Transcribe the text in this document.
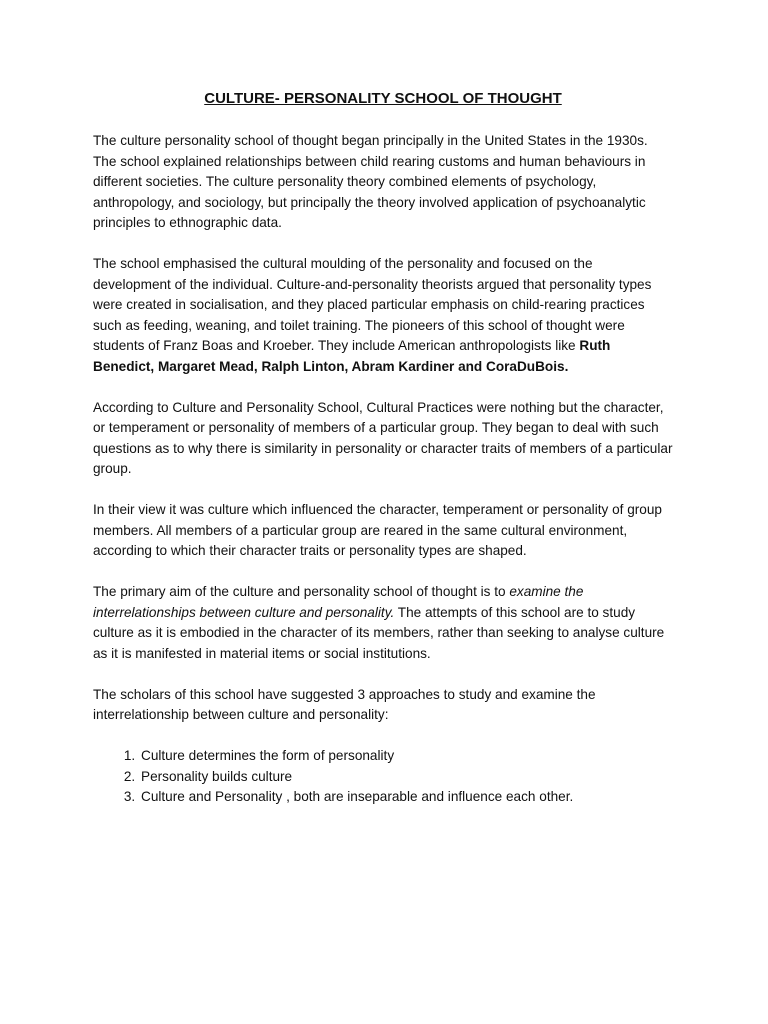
CULTURE- PERSONALITY SCHOOL OF THOUGHT

The culture personality school of thought began principally in the United States in the 1930s. The school explained relationships between child rearing customs and human behaviours in different societies. The culture personality theory combined elements of psychology, anthropology, and sociology, but principally the theory involved application of psychoanalytic principles to ethnographic data.

The school emphasised the cultural moulding of the personality and focused on the development of the individual. Culture-and-personality theorists argued that personality types were created in socialisation, and they placed particular emphasis on child-rearing practices such as feeding, weaning, and toilet training. The pioneers of this school of thought were students of Franz Boas and Kroeber. They include American anthropologists like Ruth Benedict, Margaret Mead, Ralph Linton, Abram Kardiner and CoraDuBois.

According to Culture and Personality School, Cultural Practices were nothing but the character, or temperament or personality of members of a particular group. They began to deal with such questions as to why there is similarity in personality or character traits of members of a particular group.

In their view it was culture which influenced the character, temperament or personality of group members. All members of a particular group are reared in the same cultural environment, according to which their character traits or personality types are shaped.

The primary aim of the culture and personality school of thought is to examine the interrelationships between culture and personality. The attempts of this school are to study culture as it is embodied in the character of its members, rather than seeking to analyse culture as it is manifested in material items or social institutions.

The scholars of this school have suggested 3 approaches to study and examine the interrelationship between culture and personality:

1. Culture determines the form of personality
2. Personality builds culture
3. Culture and Personality , both are inseparable and influence each other.
